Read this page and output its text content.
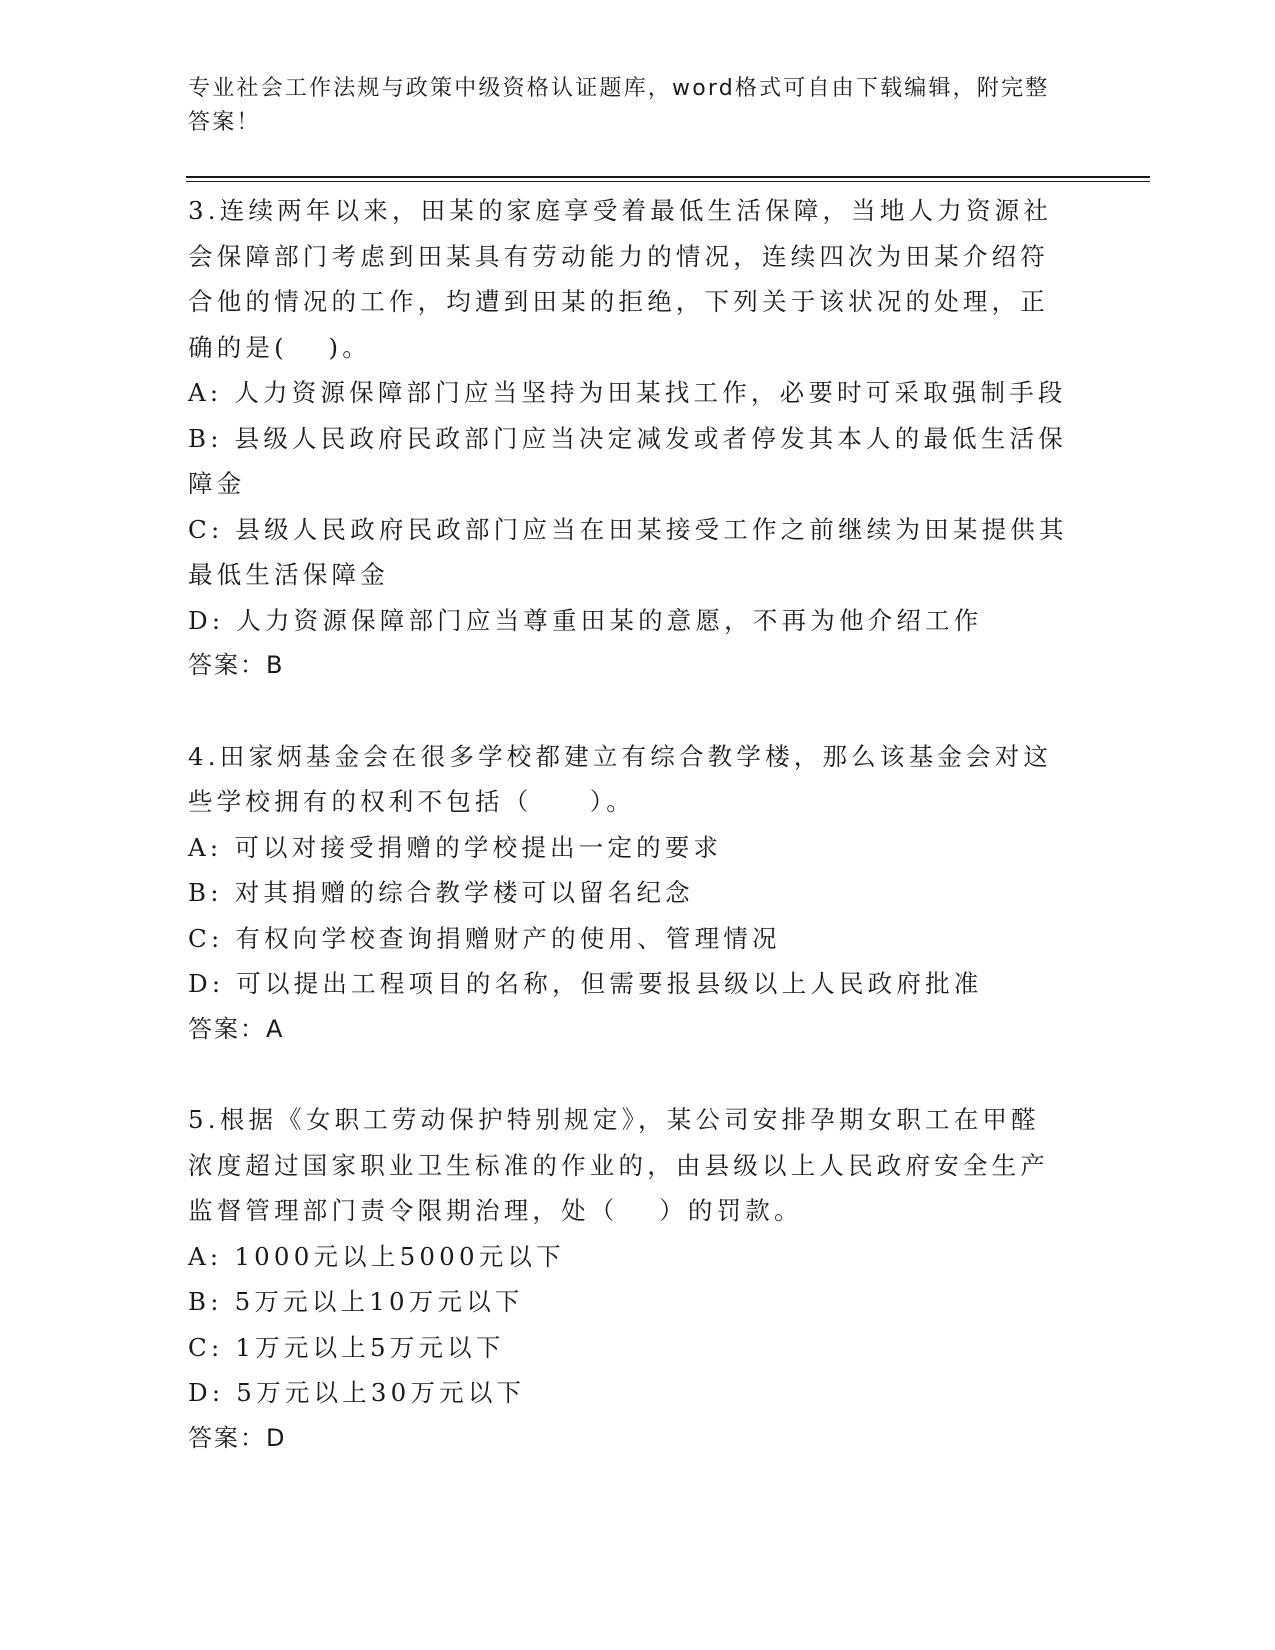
专业社会工作法规与政策中级资格认证题库，word格式可自由下载编辑，附完整答案！

3.连续两年以来，田某的家庭享受着最低生活保障，当地人力资源社会保障部门考虑到田某具有劳动能力的情况，连续四次为田某介绍符合他的情况的工作，均遭到田某的拒绝，下列关于该状况的处理，正确的是(　 )。

A: 人力资源保障部门应当坚持为田某找工作，必要时可采取强制手段

B: 县级人民政府民政部门应当决定减发或者停发其本人的最低生活保障金

C: 县级人民政府民政部门应当在田某接受工作之前继续为田某提供其最低生活保障金

D: 人力资源保障部门应当尊重田某的意愿，不再为他介绍工作

答案：B

4.田家炳基金会在很多学校都建立有综合教学楼，那么该基金会对这些学校拥有的权利不包括（　　）。

A: 可以对接受捐赠的学校提出一定的要求

B: 对其捐赠的综合教学楼可以留名纪念

C: 有权向学校查询捐赠财产的使用、管理情况

D: 可以提出工程项目的名称，但需要报县级以上人民政府批准

答案：A

5.根据《女职工劳动保护特别规定》，某公司安排孕期女职工在甲醛浓度超过国家职业卫生标准的作业的，由县级以上人民政府安全生产监督管理部门责令限期治理，处（　 ）的罚款。

A: 1000元以上5000元以下

B: 5万元以上10万元以下

C: 1万元以上5万元以下

D: 5万元以上30万元以下

答案：D
